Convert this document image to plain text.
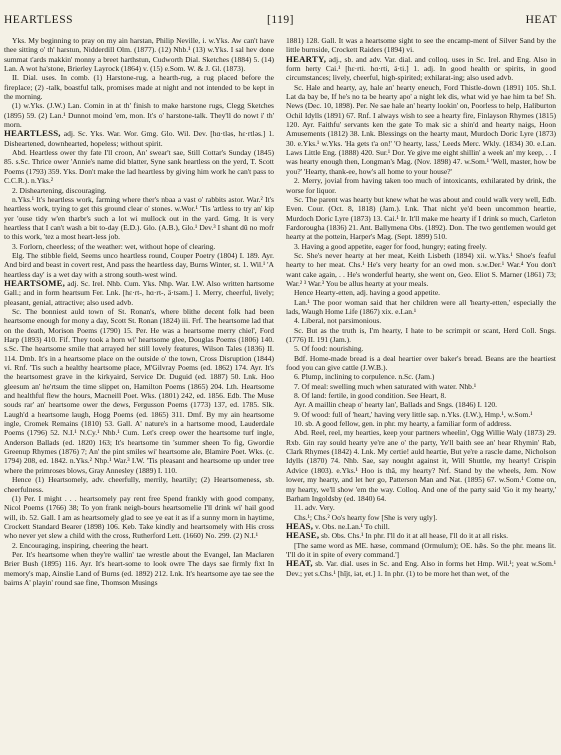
HEARTLESS	[119]	HEAT

Yks. My beginning to pray on my ain harstan, Philip Neville, i. w.Yks. Aw can't have thee sitting o' th' harstun, Nidderdill Olm. (1877). (12) Nhb.¹ (13) w.Yks. I sal hev done summat t'ards makkin' monny a breet harthstun, Cudworth Dial. Sketches (1884) 5. (14) Lan. A wot ha'stone, Brierley Layrock (1864) v. (15) e.Som. W. & J. Gl. (1873).

II. Dial. uses. In comb. (1) Harstone-rug, a hearth-rug, a rug placed before the fireplace; (2) -talk, boastful talk, promises made at night and not intended to be kept in the morning.

(1) w.Yks. (J.W.) Lan. Comin in at th' finish to make harstone rugs, Clegg Sketches (1895) 59. (2) Lan.¹ Dunnot moind 'em, mon. It's o' harstone-talk. They'll do nowt i' th' morn.

HEARTLESS, adj. Sc. Yks. War. Wor. Gmg. Glo. Wil. Dev. [hɑ·tləs, hɛ·rtləs.] 1. Disheartened, downhearted, hopeless; without spirit.

Abd. Heartless ower thy fate I'll croon, An' swear't sae, Still Cottar's Sunday (1845) 85. s.Sc. Thrice ower 'Annie's name did blatter, Syne sank heartless on the yerd, T. Scott Poems (1793) 359. Yks. Don't make the lad heartless by giving him work he can't pass to C.C.R.). n.Yks.²

2. Disheartening, discouraging.

n.Yks.¹ It's heartless work, farming where ther's nbaa a vast o' rabbits astor. War.² It's heartless work, trying to get this ground clear o' stones. w.Wor.¹ 'Tis 'artless to try an' kip yer 'ouse tidy w'en tharbr's such a lot wi mullock out in the yard. Gmg. It is very heartless that I can't wash a bit to-day (E.D.). Glo. (A.B.), Glo.¹ Dev.³ I shant dû no mofr to this work, 'tez a most heart-less job.

3. Forlorn, cheerless; of the weather: wet, without hope of clearing.

Elg. The stibble field, Seems unco heartless round, Couper Poetry (1804) I. 189. Ayr. And bird and beast in covert rest, And pass the heartless day, Burns Winter, st. 1. Wil.¹ 'A heartless day' is a wet day with a strong south-west wind.

HEARTSOME, adj. Sc. Irel. Nhb. Cum. Yks. Nhp. War. I.W. Also written hartsome Gall.; and in form heartsum Fer. Lnk. [hɛ·rt-, hɑ·rt-, ä·tsəm.] 1. Merry, cheerful, lively; pleasant, genial, attractive; also used advb.

Sc. The bonniest auld town of St. Ronan's, where blithe decent folk had been heartsome enough for mony a day, Scott St. Ronan (1824) iii. Frf. The heartsome lad that on the death, Morison Poems (1790) 15. Per. He was a heartsome merry chiel', Ford Harp (1893) 410. Fif. They took a horn wi' heartsome glee, Douglas Poems (1806) 140. s.Sc. The heartsome smile that arrayed her still lovely features, Wilson Tales (1836) II. 114. Dmb. It's in a heartsome place on the outside o' the town, Cross Disruption (1844) vi. Rnf. 'Tis such a healthy heartsome place, M'Gilvray Poems (ed. 1862) 174. Ayr. It's the heartsomest grave in the kirkyaird, Service Dr. Duguid (ed. 1887) 50. Lnk. Hoo gleesum an' he'rtsum the time slippet on, Hamilton Poems (1865) 204. Lth. Heartsome and healthful flew the hours, Macneill Poet. Wks. (1801) 242, ed. 1856. Edb. The Muse souds rar' an' heartsome ower the dews, Fergusson Poems (1773) 137, ed. 1785. Slk. Laugh'd a heartsome laugh, Hogg Poems (ed. 1865) 311. Dmf. By my ain heartsome ingle, Cromek Remains (1810) 53. Gall. A' nature's in a hartsome mood, Lauderdale Poems (1796) 52. N.I.¹ N.Cy.¹ Nhb.¹ Cum. Let's creep ower the heartsome turf ingle, Anderson Ballads (ed. 1820) 163; It's heartsome tin 'summer sheen To fig, Gwordie Greenup Rhymes (1876) 7; An' the pint smiles wi' heartsome ale, Blamire Poet. Wks. (c. 1794) 208, ed. 1842. n.Yks.² Nhp.¹ War.³ I.W. 'Tis pleasant and heartsome up under tree where the primroses blows, Gray Annesley (1889) I. 110.

Hence (1) Heartsomely, adv. cheerfully, merrily, heartily; (2) Heartsomeness, sb. cheerfulness.

(1) Per. I might . . . heartsomely pay rent free Spend frankly with good company, Nicol Poems (1766) 38; To yon frank neigh-bours heartsomelie I'll drink wi' hail good will, ib. 52. Gall. I am as heartsomely glad to see ye eat it as if a sunny morn in haytime, Crockett Standard Bearer (1898) 106. Keb. Take kindly and heartsomely with His cross who never yet slew a child with the cross, Rutherford Lett. (1660) No. 299. (2) N.I.¹

2. Encouraging, inspiring, cheering the heart.

Per. It's heartsome when they're wallin' tae wrestle about the Evangel, Ian Maclaren Brier Bush (1895) 116. Ayr. It's heart-some to look owre The days sae firmly fixt In memory's map, Ainslie Land of Burns (ed. 1892) 212. Lnk. It's heartsome aye tae see the bairns A' playin' round sae fine, Thomson Musings

1881) 128. Gall. It was a heartsome sight to see the encamp-ment of Silver Sand by the little burnside, Crockett Raiders (1894) vi.

HEARTY, adj., sb. and adv. Var. dial. and colloq. uses in Sc. Irel. and Eng. Also in form herty Cai.¹ [hɛ·rti. hɑ·rti, ä·ti.] 1. adj. In good health or spirits, in good circumstances; lively, cheerful, high-spirited; exhilarat-ing; also used advb.

Sc. Hale and hearty, ay, hale an' hearty eneuch, Ford Thistle-down (1891) 105. Sh.I. Lat da bay be, If he's no ta be hearty apo' a night lek dis, what wid ye hae him ta be! Sh. News (Dec. 10, 1898). Per. Ne sae hale an' hearty lookin' on, Poorless to help, Haliburton Ochil Idylls (1891) 67. Rnf. I always wish to see a hearty fire, Finlayson Rhymes (1815) 120. Ayr. Faithfu' servants ken the gate To mak sic a shin'd and hearty naigs, Hoon Amusements (1812) 38. Lnk. Blessings on the hearty maut, Murdoch Doric Lyre (1873) 30. e.Yks.¹ w.Yks. 'Ha gets t'a on!' 'O hearty, lass,' Leeds Merc. Wkly. (1834) 30. e.Lan. Laws Little Eng. (1888) 420. Sur.¹ Dor. Ye give me eight shillin' a week an' my keep, . . I was hearty enough then, Longman's Mag. (Nov. 1898) 47. w.Som.¹ 'Well, master, how be you?' 'Hearty, thank-ee, how's all home to your house?'

2. Merry, jovial from having taken too much of intoxicants, exhilarated by drink, the worse for liquor.

Sc. The parent was hearty but knew what he was about and could walk very well, Edb. Even. Cour. (Oct. 8, 1818) (Jam.). Lnk. That nicht ye'd been uncommon heartie, Murdoch Doric Lyre (1873) 13. Cai.¹ Ir. It'll make me hearty if I drink so much, Carleton Fardorougha (1836) 21. Ant. Ballymena Obs. (1892). Don. The two gentlemen would get hearty at the pottein, Harper's Mag. (Sept. 1899) 510.

3. Having a good appetite, eager for food, hungry; eating freely.

Sc. She's never hearty at her meat, Keith Lisbeth (1894) xii. w.Yks.¹ Shoe's feaful hearty to her meat. Chs.¹ He's very hearty for an owd mon. s.w.Der.¹ War.⁴ You don't want cake again, . . He's wonderful hearty, she went on, Geo. Eliot S. Marner (1861) 73; War.² ³ War.³ You be allus hearty at your meals.

Hence Hearty-etten, adj. having a good appetite.

Lan.¹ The poor woman said that her children were all 'hearty-etten,' especially the lads, Waugh Home Life (1867) xix. e.Lan.¹

4. Liberal, not parsimonious.

Sc. But as the truth is, I'm hearty, I hate to be scrimpit or scant, Herd Coll. Sngs. (1776) II. 191 (Jam.).

5. Of food: nourishing.

Bdf. Home-made bread is a deal heartier over baker's bread. Beans are the heartiest food you can give cattle (J.W.B.).

6. Plump, inclining to corpulence. n.Sc. (Jam.)

7. Of meal: swelling much when saturated with water. Nhb.¹

8. Of land: fertile, in good condition. See Heart, 8.

Ayr. A maillin cheap o' hearty lan', Ballads and Sngs. (1846) I. 120.

9. Of wood: full of 'heart,' having very little sap. n.Yks. (I.W.), Hmp.¹, w.Som.¹

10. sb. A good fellow, gen. in phr. my hearty, a familiar form of address.

Abd. Reel, reel, my hearties, keep your partners wheelin', Ogg Willie Waly (1873) 29. Rxb. Gin ray sould hearty ye're ane o' the party, Ye'll baith see an' hear Rhymin' Rab, Clark Rhymes (1842) 4. Lnk. My certie! auld heartie, But ye're a rascle dame, Nicholson Idylls (1870) 74. Nhb. Sae, say nought against it, Will Shuttle, my hearty! Crispin Advice (1803). e.Yks.¹ Hoo is thâ, my hearty? Nrf. Stand by the wheels, Jem. Now lower, my hearty, and let her go, Patterson Man and Nat. (1895) 67. w.Som.¹ Come on, my hearty, we'll show 'em the way. Colloq. And one of the party said 'Go it my hearty,' Barham Ingoldsby (ed. 1840) 64.

11. adv. Very.

Chs.¹; Chs.² Oo's hearty fow [She is very ugly].

HEAS, v. Obs. ne.Lan.¹ To chill.

HEASE, sb. Obs. Chs.¹ In phr. I'll do it at all hease, I'll do it at all risks.

[The same word as ME. hæse, command (Ormulum); OE. hǣs. So the phr. means lit. 'I'll do it in spite of every command.']

HEAT, sb. Var. dial. uses in Sc. and Eng. Also in forms het Hmp. Wil.¹; yeat w.Som.¹ Dev.; yet s.Chs.¹ [hījt, iət, et.] 1. In phr. (1) to be more het than wet, of the
